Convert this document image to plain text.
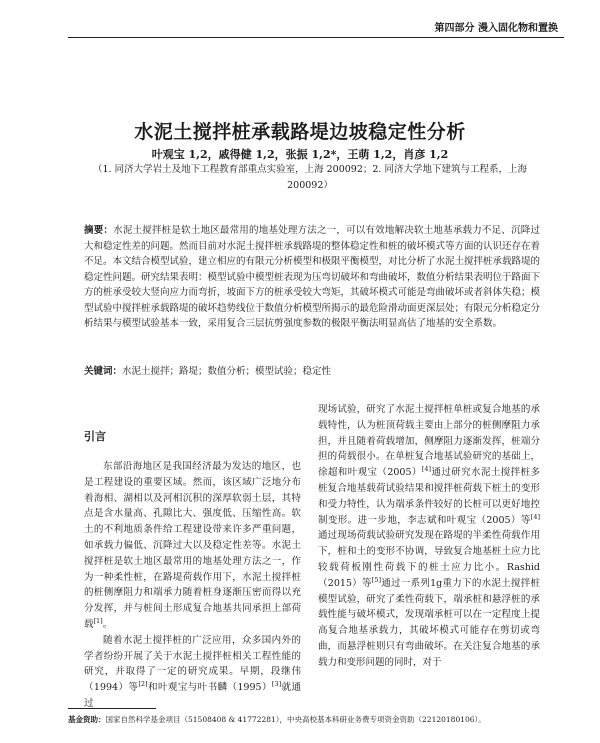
第四部分 漫入固化物和置换
水泥土搅拌桩承载路堤边坡稳定性分析
叶观宝 1,2，戚得健 1,2，张振 1,2*，王萌 1,2，肖彦 1,2
（1. 同济大学岩土及地下工程教育部重点实验室，上海 200092；2. 同济大学地下建筑与工程系，上海 200092）
摘要：水泥土搅拌桩是软土地区最常用的地基处理方法之一，可以有效地解决软土地基承载力不足、沉降过大和稳定性差的问题。然而目前对水泥土搅拌桩承载路堤的整体稳定性和桩的破坏模式等方面的认识还存在着不足。本文结合模型试验，建立相应的有限元分析模型和极限平衡模型，对比分析了水泥土搅拌桩承载路堤的稳定性问题。研究结果表明：模型试验中模型桩表现为压弯切破坏和弯曲破坏，数值分析结果表明位于路面下方的桩承受较大竖向应力而弯折，坡面下方的桩承受较大弯矩，其破坏模式可能是弯曲破坏或者斜体失稳；模型试验中搅拌桩承载路堤的破坏趋势线位于数值分析模型所揭示的最危险滑动面更深层处；有限元分析稳定分析结果与模型试验基本一致，采用复合三层抗剪强度参数的极限平衡法明显高估了地基的安全系数。
关键词：水泥土搅拌；路堤；数值分析；模型试验；稳定性
引言

东部沿海地区是我国经济最为发达的地区，也是工程建设的重要区域。然而，该区域广泛地分布着海相、湖相以及河相沉积的深厚软弱土层，其特点是含水量高、孔隙比大、强度低、压缩性高。软土的不利地质条件给工程建设带来许多严重问题，如承载力偏低、沉降过大以及稳定性差等。水泥土搅拌桩是软土地区最常用的地基处理方法之一，作为一种柔性桩，在路堤荷载作用下，水泥土搅拌桩的桩侧摩阻力和端承力随着桩身逐渐压密而得以充分发挥，并与桩间土形成复合地基共同承担上部荷载[1]。

随着水泥土搅拌桩的广泛应用，众多国内外的学者纷纷开展了关于水泥土搅拌桩相关工程性能的研究，并取得了一定的研究成果。早期，段继伟（1994）等[2]和叶观宝与叶书麟（1995）[3]就通过

现场试验，研究了水泥土搅拌桩单桩或复合地基的承载特性，认为桩顶荷载主要由上部分的桩侧摩阻力承担，并且随着荷载增加，侧摩阻力逐渐发挥，桩端分担的荷载很小。在单桩复合地基试验研究的基础上，徐超和叶观宝（2005）[4]通过研究水泥土搅拌桩多桩复合地基载荷试验结果和搅拌桩荷载下桩土的变形和受力特性，认为端承条件较好的长桩可以更好地控制变形。进一步地，李志斌和叶观宝（2005）等[4]通过现场荷载试验研究发现在路堤的半柔性荷载作用下，桩和土的变形不协调，导致复合地基桩土应力比较载荷板刚性荷载下的桩土应力比小。Rashid（2015）等[5]通过一系列1g重力下的水泥土搅拌桩模型试验，研究了柔性荷载下，端承桩和悬浮桩的承载性能与破坏模式，发现端承桩可以在一定程度上提高复合地基承载力，其破坏模式可能存在剪切或弯曲，而悬浮桩则只有弯曲破坏。在关注复合地基的承载力和变形问题的同时，对于

基金资助：国家自然科学基金项目（51508408 & 41772281），中央高校基本科研业务费专项资金资助（22120180106）。
